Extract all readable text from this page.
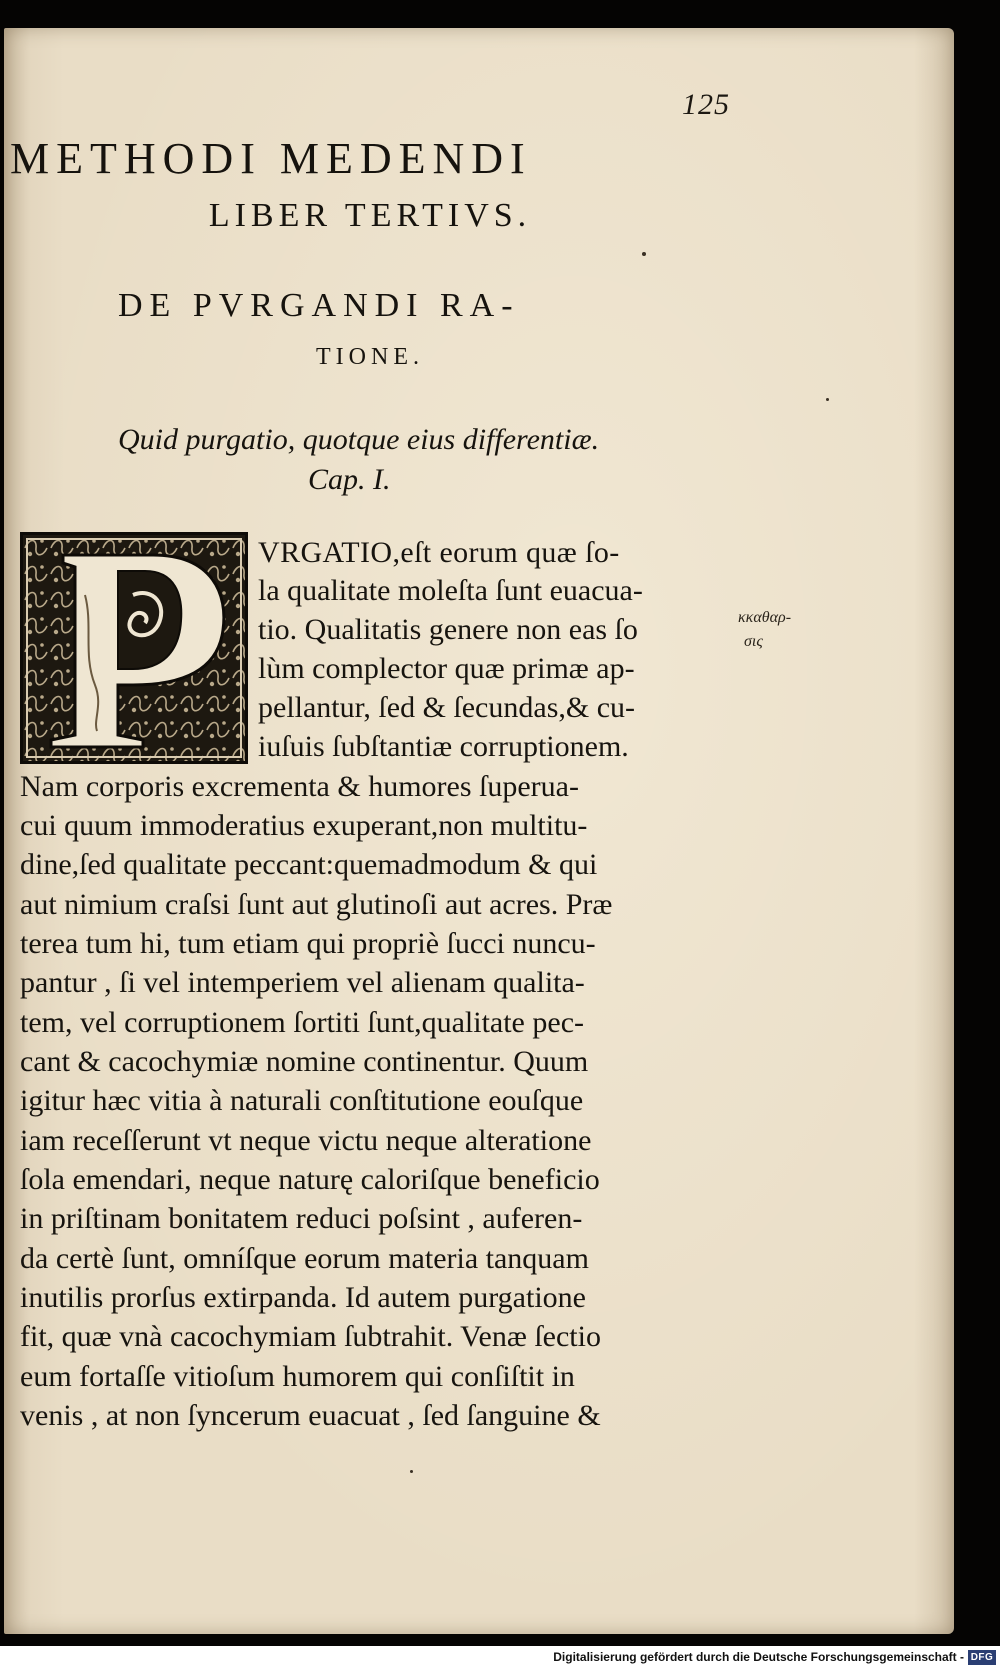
125
METHODI MEDENDI
LIBER TERTIVS.
DE PVRGANDI RA-
TIONE.
Quid purgatio, quotque eius differentiæ.
Cap. I.
κκαθαρ-
σις
VRGATIO,eſt eorum quæ ſo-
la qualitate moleſta ſunt euacua-
tio. Qualitatis genere non eas ſo
lùm complector quæ primæ ap-
pellantur, ſed & ſecundas,& cu-
iuſuis ſubſtantiæ corruptionem.
Nam corporis excrementa & humores ſuperua-
cui quum immoderatius exuperant,non multitu-
dine,ſed qualitate peccant:quemadmodum & qui
aut nimium craſsi ſunt aut glutinoſi aut acres. Præ
terea tum hi, tum etiam qui propriè ſucci nuncu-
pantur , ſi vel intemperiem vel alienam qualita-
tem, vel corruptionem ſortiti ſunt,qualitate pec-
cant & cacochymiæ nomine continentur. Quum
igitur hæc vitia à naturali conſtitutione eouſque
iam receſſerunt vt neque victu neque alteratione
ſola emendari, neque naturę caloriſque beneficio
in priſtinam bonitatem reduci poſsint , auferen-
da certè ſunt, omníſque eorum materia tanquam
inutilis prorſus extirpanda. Id autem purgatione
fit, quæ vnà cacochymiam ſubtrahit. Venæ ſectio
eum fortaſſe vitioſum humorem qui conſiſtit in
venis , at non ſyncerum euacuat , ſed ſanguine &
Digitalisierung gefördert durch die Deutsche Forschungsgemeinschaft - DFG
